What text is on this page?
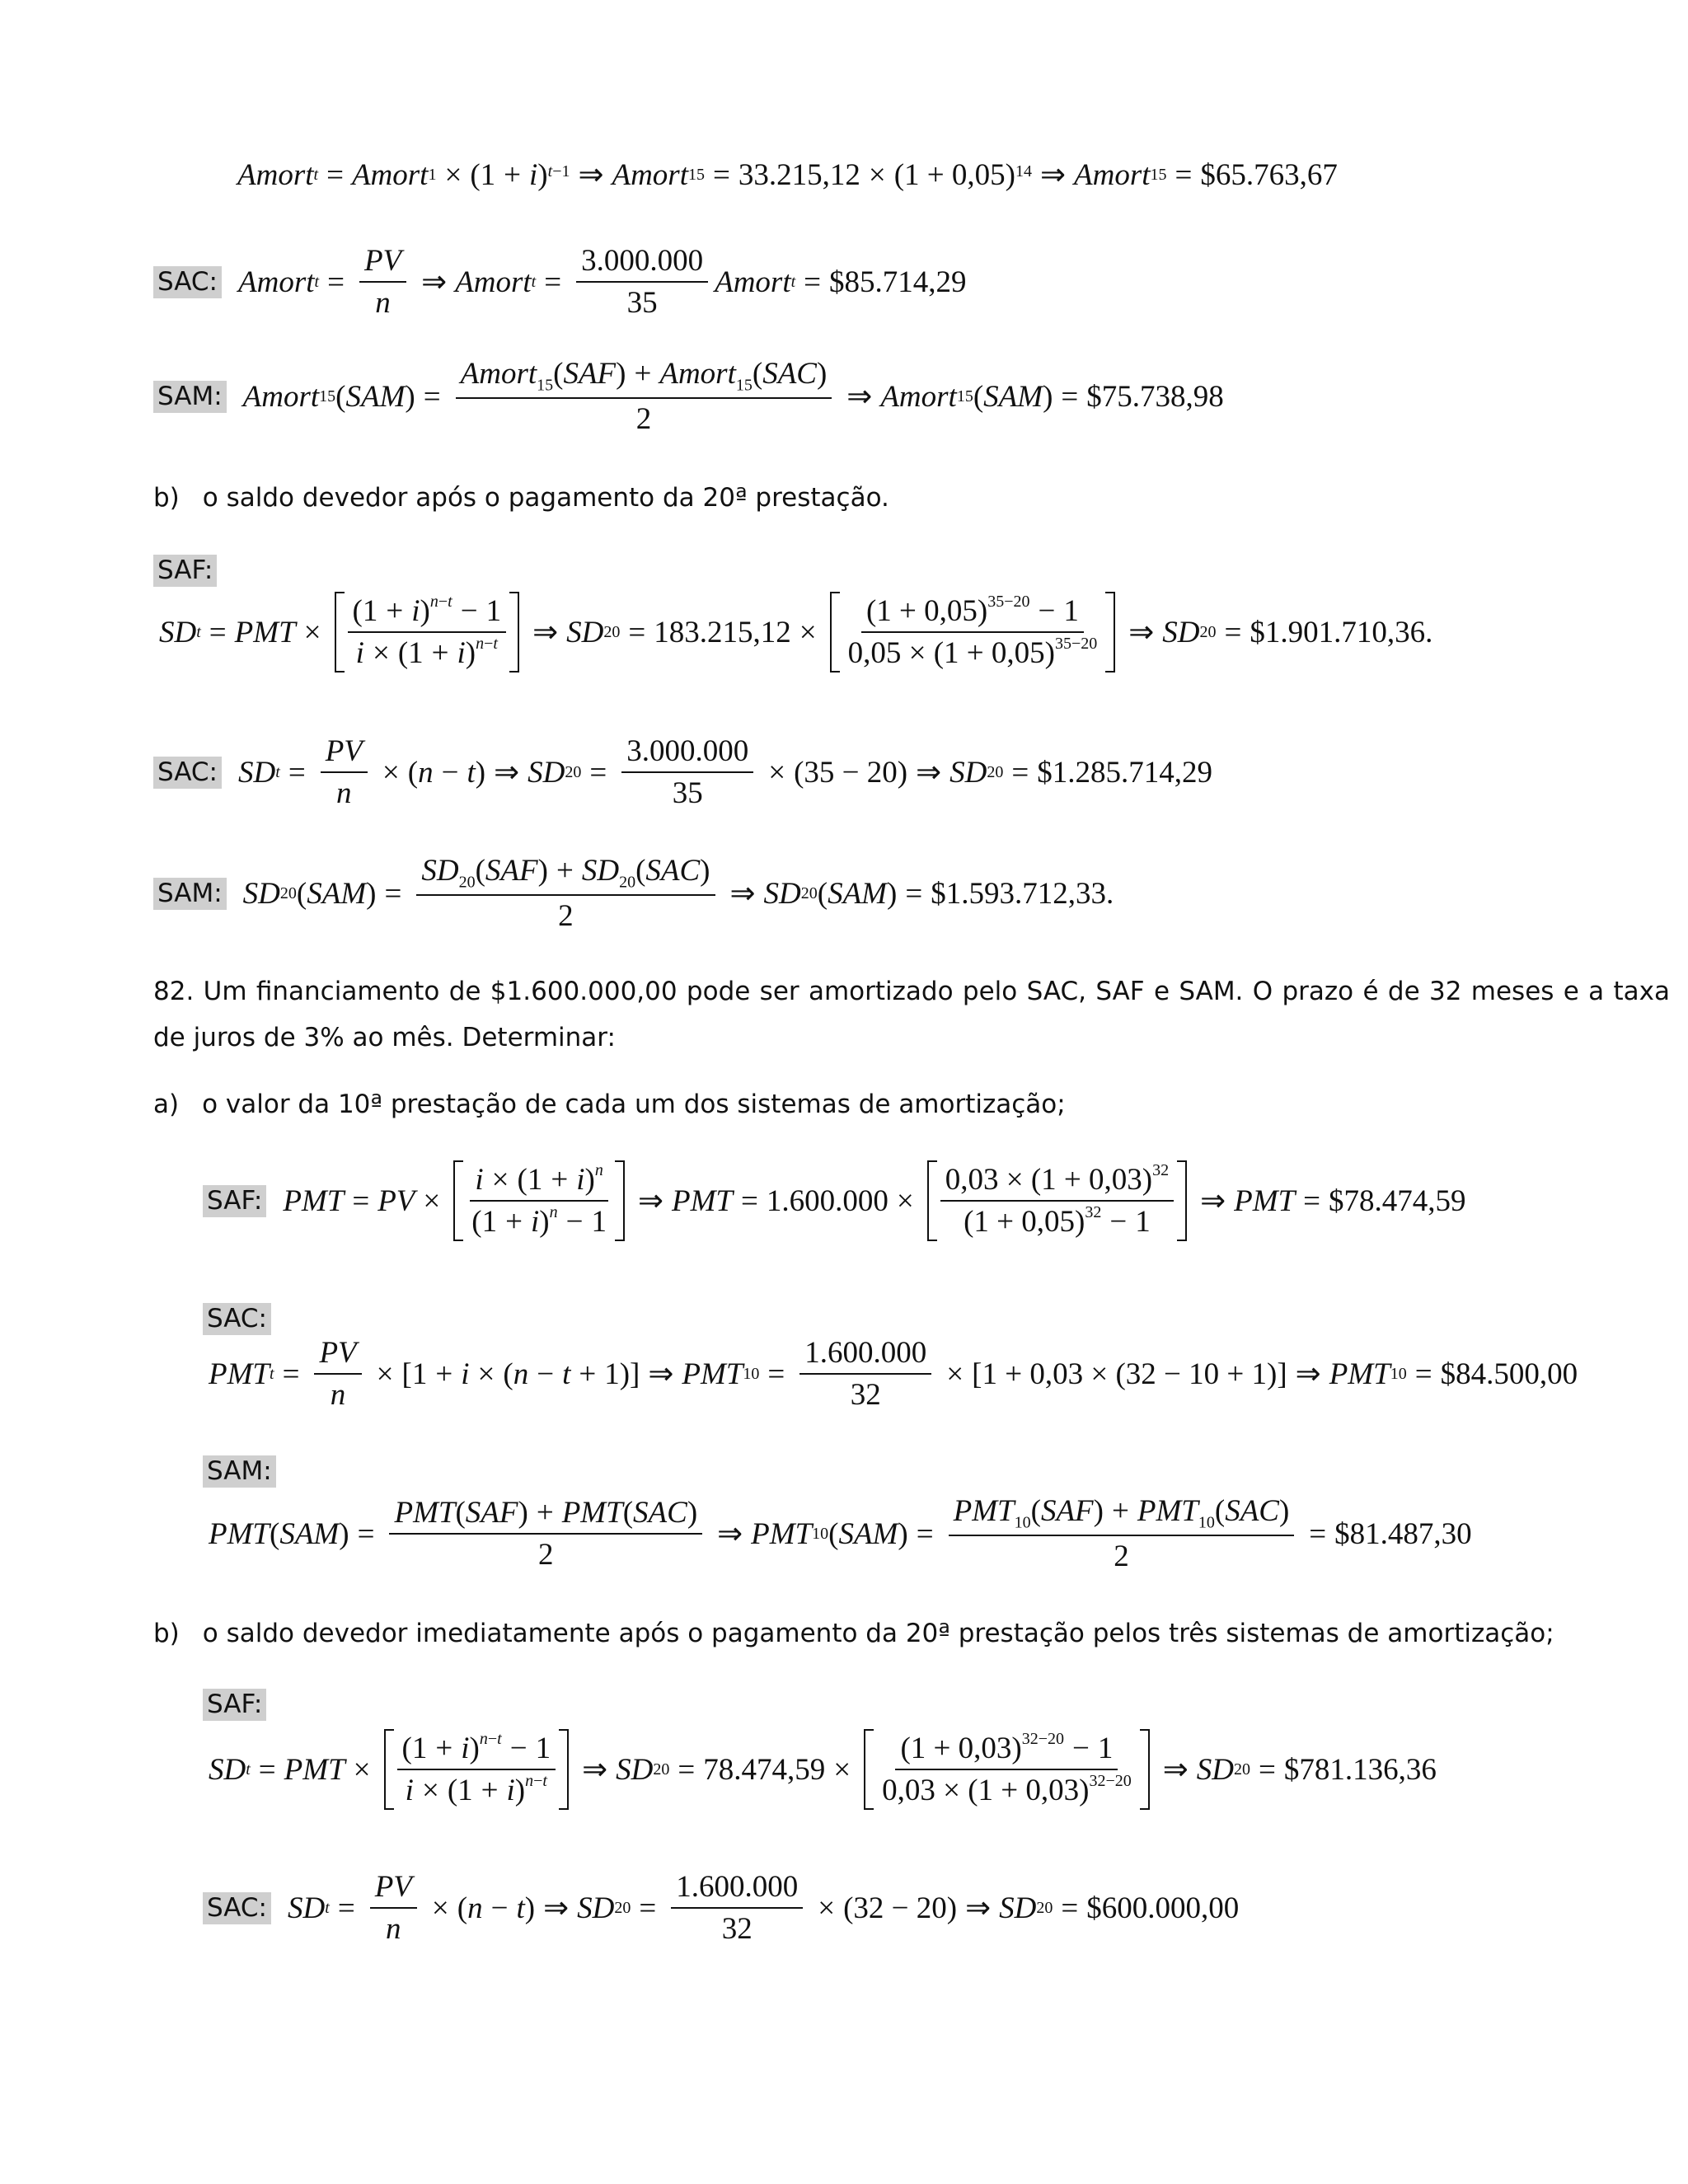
Amort t = Amort 1 × (1 + i )$^{t-1}$ ⇒ Amort $15 = 33.215,12 \times (1 + 0,05)^{14}$ ⇒ Amort 15 = $65.763,67
SAC: Amort $t = \frac{PV}{n}$ ⇒ Amort $t = \frac{3.000.000}{35}$ Amort t = $85.714,29
SAM: Amort 15 ( SAM ) = $\frac{Amort_{15}(SAF) + Amort_{15}(SAC)}{2}$ ⇒ Amort 15 ( SAM ) = $75.738,98
b) o saldo devedor após o pagamento da 20ª prestação.
SAF:
SD t = PMT × $\frac{(1 + i)^{n-t} - 1}{i \times (1 + i)^{n-t}}$ ⇒ SD $20 = 183.215,12 \times \frac{(1 + 0,05)^{35-20} - 1}{0,05 \times (1 + 0,05)^{35-20}}$ ⇒ SD 20 = $1.901.710,36.
SAC: SD $t = \frac{PV}{n}$ × ( n − t ) ⇒ SD $20 = \frac{3.000.000}{35} \times (35 - 20)$ ⇒ SD 20 = $1.285.714,29
SAM: SD 20 ( SAM ) = $\frac{SD_{20}(SAF) + SD_{20}(SAC)}{2}$ ⇒ SD 20 ( SAM ) = $1.593.712,33.
82. Um financiamento de $1.600.000,00 pode ser amortizado pelo SAC, SAF e SAM. O prazo é de 32 meses e a taxa de juros de 3% ao mês. Determinar:
a) o valor da 10ª prestação de cada um dos sistemas de amortização;
SAF: PMT = PV × $\frac{i \times (1 + i)^n}{(1 + i)^n - 1}$ ⇒ PMT = $1.600.000 \times \frac{0,03 \times (1 + 0,03)^{32}}{(1 + 0,05)^{32} - 1}$ ⇒ PMT = $78.474,59
SAC:
PMT $t = \frac{PV}{n} \times [1 + i$ × ( n − t + 1)] ⇒ PMT $10 = \frac{1.600.000}{32} \times [1 + 0,03 \times (32 - 10 + 1)]$ ⇒ PMT 10 = $84.500,00
SAM:
PMT ( SAM ) = $\frac{\text{PMT(SAF) + PMT(SAC)}}{2}$ ⇒ PMT 10 ( SAM ) = $\frac{PMT_{10}(SAF) + PMT_{10}(SAC)}{2}$ = $81.487,30
b) o saldo devedor imediatamente após o pagamento da 20ª prestação pelos três sistemas de amortização;
SAF:
SD t = PMT × $\frac{(1 + i)^{n-t} - 1}{i \times (1 + i)^{n-t}}$ ⇒ SD $20 = 78.474,59 \times \frac{(1 + 0,03)^{32-20} - 1}{0,03 \times (1 + 0,03)^{32-20}}$ ⇒ SD 20 = $781.136,36
SAC: SD $t = \frac{PV}{n}$ × ( n − t ) ⇒ SD $20 = \frac{1.600.000}{32} \times (32 - 20)$ ⇒ SD 20 = $600.000,00
